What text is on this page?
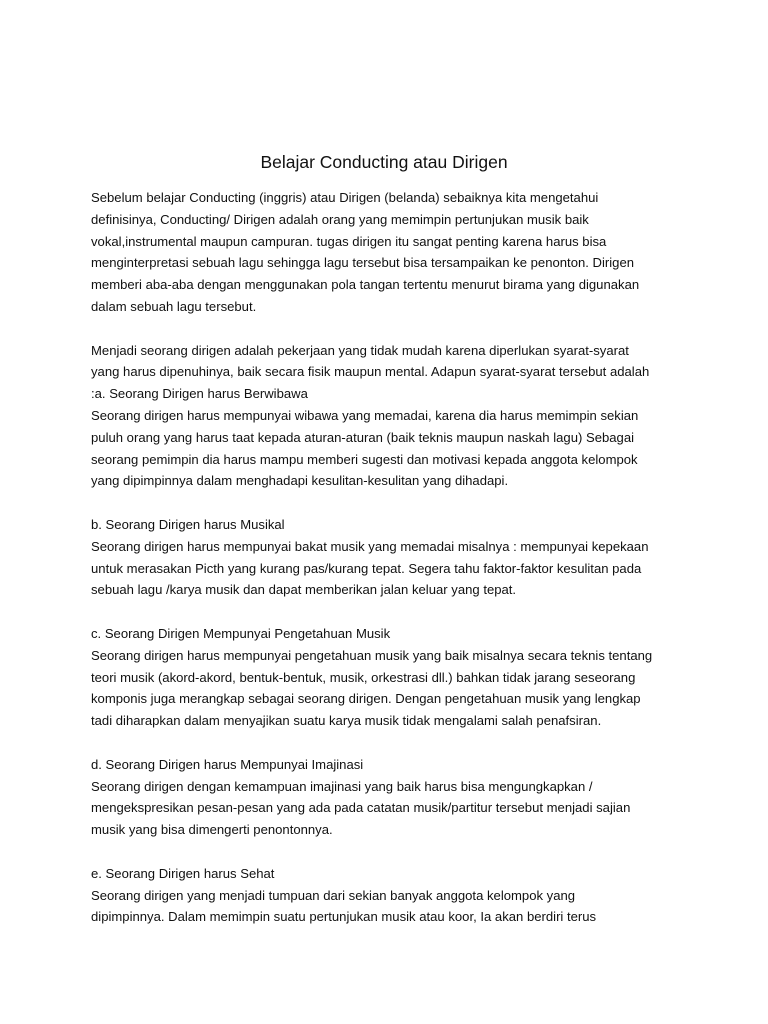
Belajar Conducting atau Dirigen
Sebelum belajar Conducting (inggris) atau Dirigen (belanda) sebaiknya kita mengetahui
definisinya, Conducting/ Dirigen adalah orang yang memimpin pertunjukan musik baik
vokal,instrumental maupun campuran. tugas dirigen itu sangat penting karena harus bisa
menginterpretasi sebuah lagu sehingga lagu tersebut bisa tersampaikan ke penonton. Dirigen
memberi aba-aba dengan menggunakan pola tangan tertentu menurut birama yang digunakan
dalam sebuah lagu tersebut.
Menjadi seorang dirigen adalah pekerjaan yang tidak mudah karena diperlukan syarat-syarat
yang harus dipenuhinya, baik secara fisik maupun mental. Adapun syarat-syarat tersebut adalah
:a. Seorang Dirigen harus Berwibawa
Seorang dirigen harus mempunyai wibawa yang memadai, karena dia harus memimpin sekian
puluh orang yang harus taat kepada aturan-aturan (baik teknis maupun naskah lagu) Sebagai
seorang pemimpin dia harus mampu memberi sugesti dan motivasi kepada anggota kelompok
yang dipimpinnya dalam menghadapi kesulitan-kesulitan yang dihadapi.
b. Seorang Dirigen harus Musikal
Seorang dirigen harus mempunyai bakat musik yang memadai misalnya : mempunyai kepekaan
untuk merasakan Picth yang kurang pas/kurang tepat. Segera tahu faktor-faktor kesulitan pada
sebuah lagu /karya musik dan dapat memberikan jalan keluar yang tepat.
c. Seorang Dirigen Mempunyai Pengetahuan Musik
Seorang dirigen harus mempunyai pengetahuan musik yang baik misalnya secara teknis tentang
teori musik (akord-akord, bentuk-bentuk, musik, orkestrasi dll.) bahkan tidak jarang seseorang
komponis juga merangkap sebagai seorang dirigen. Dengan pengetahuan musik yang lengkap
tadi diharapkan dalam menyajikan suatu karya musik tidak mengalami salah penafsiran.
d. Seorang Dirigen harus Mempunyai Imajinasi
Seorang dirigen dengan kemampuan imajinasi yang baik harus bisa mengungkapkan /
mengekspresikan pesan-pesan yang ada pada catatan musik/partitur tersebut menjadi sajian
musik yang bisa dimengerti penontonnya.
e. Seorang Dirigen harus Sehat
Seorang dirigen yang menjadi tumpuan dari sekian banyak anggota kelompok yang
dipimpinnya. Dalam memimpin suatu pertunjukan musik atau koor, Ia akan berdiri terus
